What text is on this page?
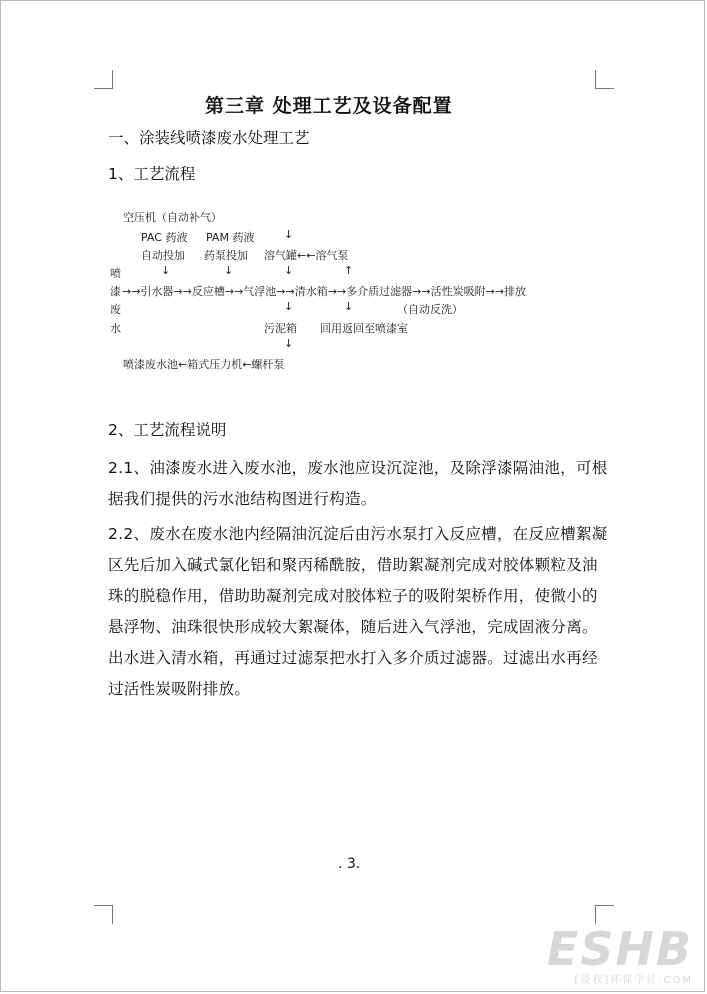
第三章 处理工艺及设备配置
一、涂装线喷漆废水处理工艺
1、工艺流程
空压机（自动补气）
PAC 药液 PAM 药液	↓
自动投加 药泵投加 溶气罐←←溶气泵
喷	↓	↓	↓	↑
漆 →→引水器→→反应槽→→气浮池→→清水箱→→多介质过滤器→→活性炭吸附→→排放
废	↓	↓	（自动反洗）
水	污泥箱 回用返回至喷漆室
↓
喷漆废水池←箱式压力机←螺杆泵
2、工艺流程说明
2.1、油漆废水进入废水池，废水池应设沉淀池，及除浮漆隔油池，可根据我们提供的污水池结构图进行构造。
2.2、废水在废水池内经隔油沉淀后由污水泵打入反应槽，在反应槽絮凝区先后加入碱式氯化铝和聚丙稀酰胺，借助絮凝剂完成对胶体颗粒及油珠的脱稳作用，借助助凝剂完成对胶体粒子的吸附架桥作用，使微小的悬浮物、油珠很快形成较大絮凝体，随后进入气浮池，完成固液分离。出水进入清水箱，再通过过滤泵把水打入多介质过滤器。过滤出水再经过活性炭吸附排放。
. 3.
ESHB
[爱我]环保学社·COM
